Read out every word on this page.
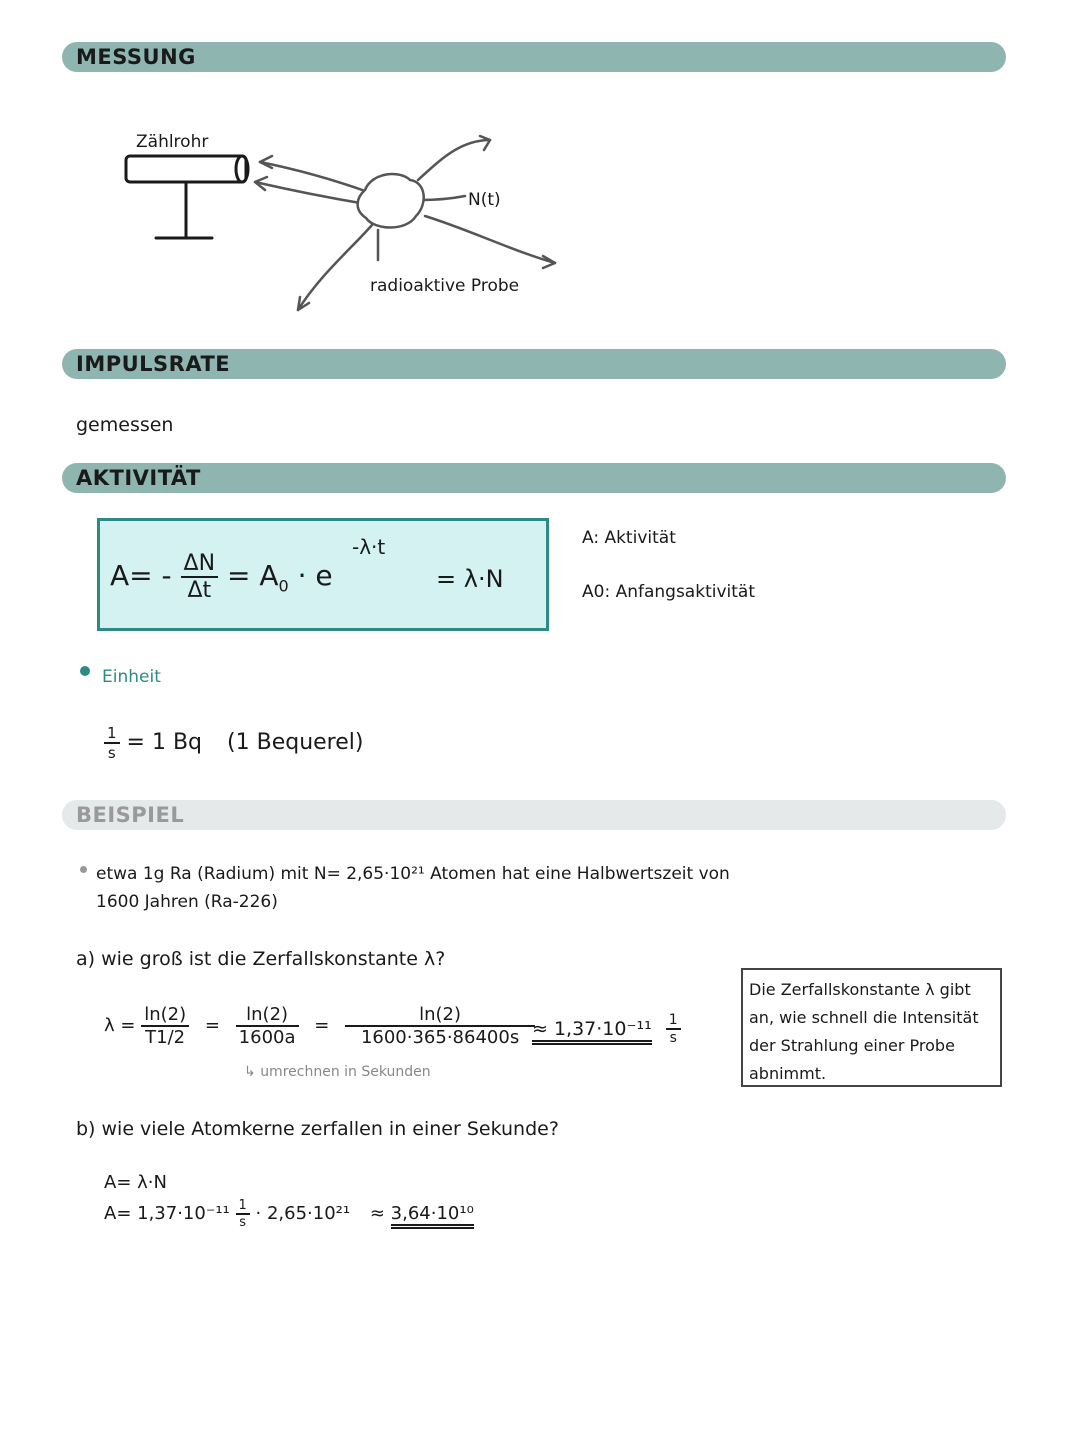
MESSUNG
IMPULSRATE
AKTIVITÄT
BEISPIEL
Zählrohr
N(t)
radioaktive Probe
gemessen
$A= - \frac{\Delta N}{\Delta t} = A_0 \cdot e$
-λ·t
= λ·N
A: Aktivität
A0: Anfangsaktivität
Einheit
$\frac{1}{s} = 1$ Bq (1 Bequerel)
etwa 1g Ra (Radium) mit N= 2,65·10²¹ Atomen hat eine Halbwertszeit von
1600 Jahren (Ra-226)
a) wie groß ist die Zerfallskonstante λ?
$\lambda = \frac{\ln(2)}{T1/2} = \frac{\ln(2)}{1600a} = \frac{\ln(2)}{1600\cdot 365\cdot 86400s}$
≈ $1,37\cdot 10^{-11} \frac{1}{s}$
↳ umrechnen in Sekunden
Die Zerfallskonstante λ gibt an, wie schnell die Intensität der Strahlung einer Probe abnimmt.
b) wie viele Atomkerne zerfallen in einer Sekunde?
A= λ·N
$A= 1,37\cdot 10^{-11} \frac{1}{s} \cdot 2,65\cdot 10^{21} \approx 3,64\cdot 10^{10}$
